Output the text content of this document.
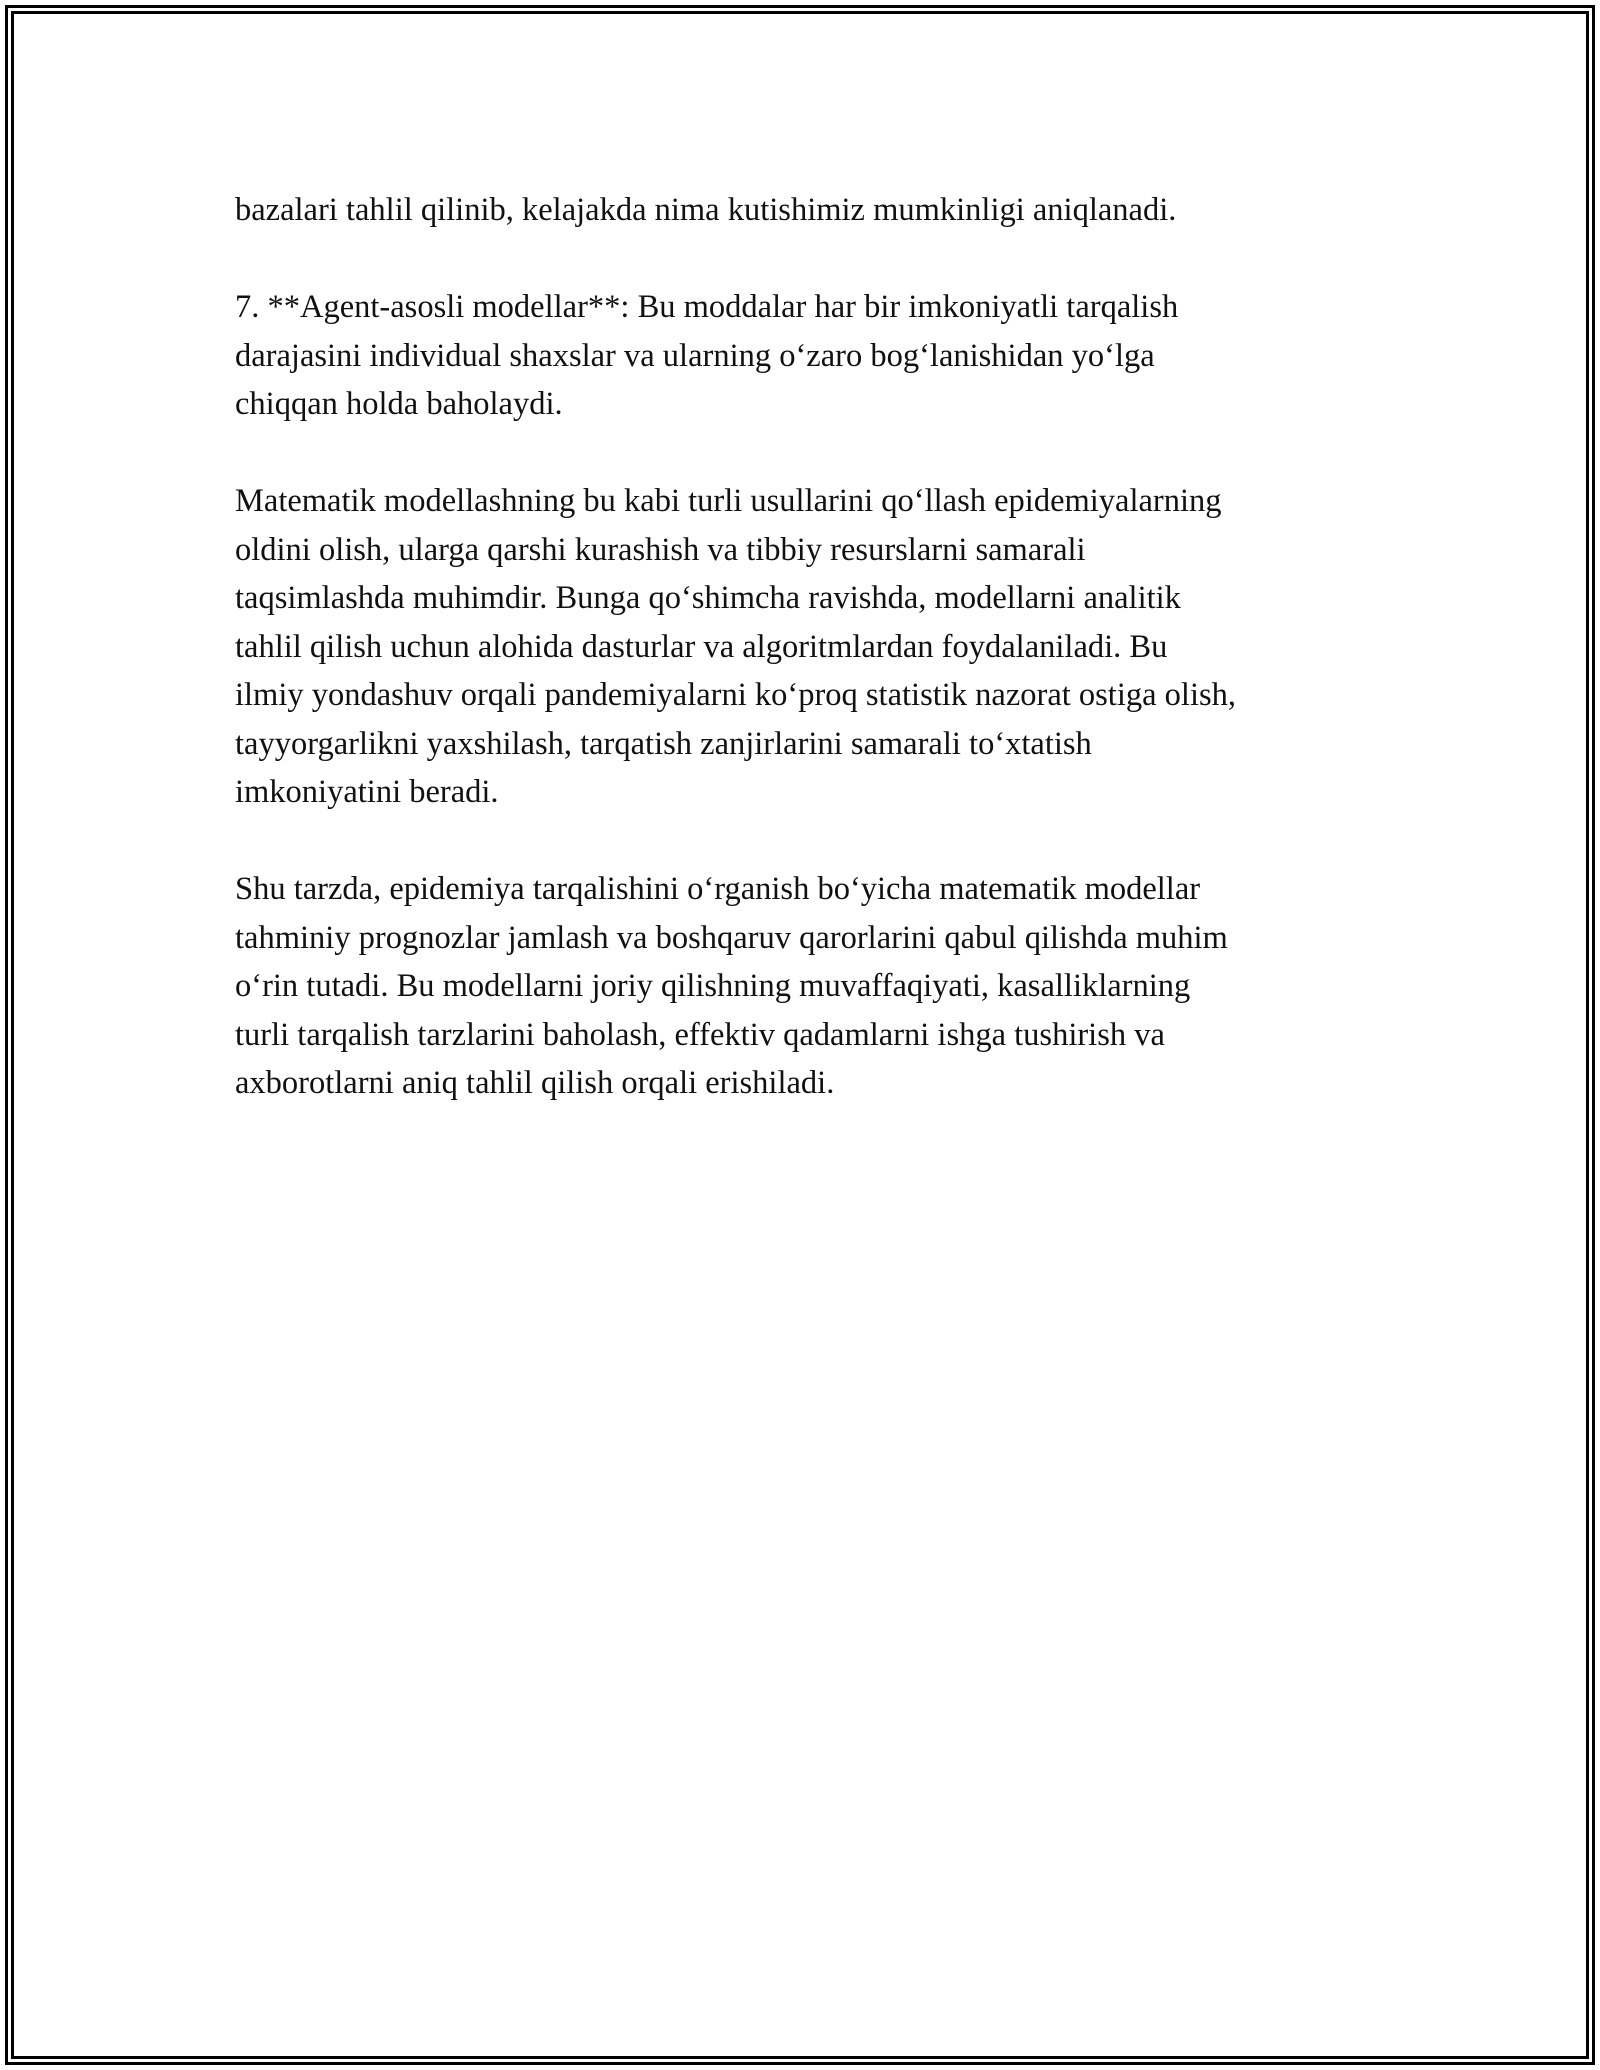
bazalari tahlil qilinib, kelajakda nima kutishimiz mumkinligi aniqlanadi.

7. **Agent-asosli modellar**: Bu moddalar har bir imkoniyatli tarqalish
darajasini individual shaxslar va ularning o‘zaro bog‘lanishidan yo‘lga
chiqqan holda baholaydi.

Matematik modellashning bu kabi turli usullarini qo‘llash epidemiyalarning
oldini olish, ularga qarshi kurashish va tibbiy resurslarni samarali
taqsimlashda muhimdir. Bunga qo‘shimcha ravishda, modellarni analitik
tahlil qilish uchun alohida dasturlar va algoritmlardan foydalaniladi. Bu
ilmiy yondashuv orqali pandemiyalarni ko‘proq statistik nazorat ostiga olish,
tayyorgarlikni yaxshilash, tarqatish zanjirlarini samarali to‘xtatish
imkoniyatini beradi.

Shu tarzda, epidemiya tarqalishini o‘rganish bo‘yicha matematik modellar
tahminiy prognozlar jamlash va boshqaruv qarorlarini qabul qilishda muhim
o‘rin tutadi. Bu modellarni joriy qilishning muvaffaqiyati, kasalliklarning
turli tarqalish tarzlarini baholash, effektiv qadamlarni ishga tushirish va
axborotlarni aniq tahlil qilish orqali erishiladi.
